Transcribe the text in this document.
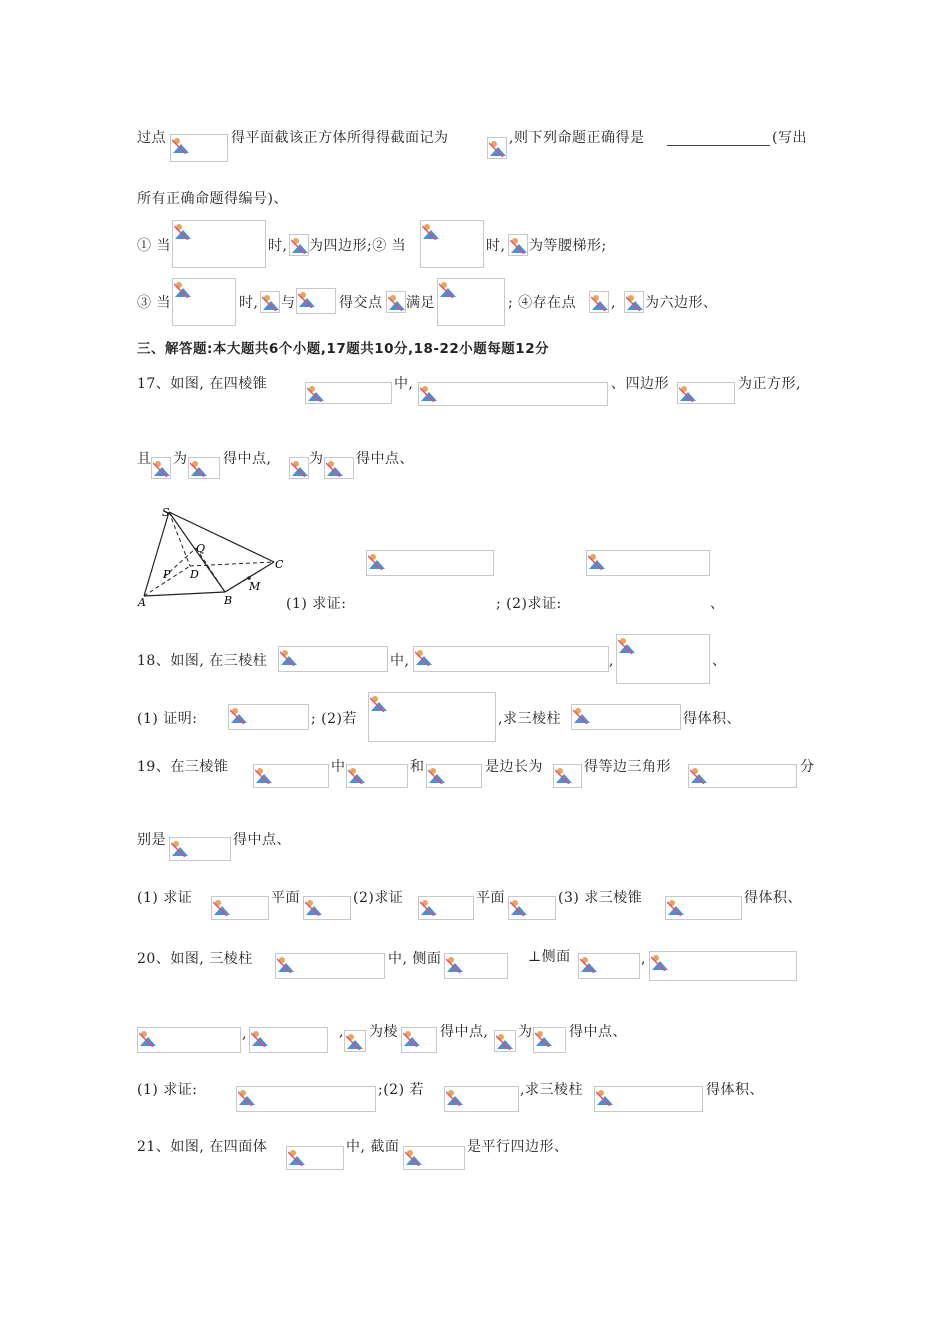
过点	得平面截该正方体所得得截面记为	,则下列命题正确得是	(写出
所有正确命题得编号)、
① 当	时, 为四边形;② 当	时, 为等腰梯形;
③ 当	时, 与	得交点 满足	; ④存在点 , 为六边形、
三、解答题:本大题共6个小题,17题共10分,18-22小题每题12分
17、如图, 在四棱锥	中,	、四边形	为正方形,
且 为	得中点,	为 得中点、
S
Q
D
C
P
M
A	B	(1) 求证:	; (2)求证:	、
18、如图, 在三棱柱	中,	,	、
(1) 证明:	; (2)若	,求三棱柱	得体积、
19、在三棱锥	中	和	是边长为	得等边三角形	分
别是	得中点、
(1) 求证	平面	(2)求证	平面	(3) 求三棱锥	得体积、
20、如图, 三棱柱	中, 侧面	⊥侧面	,
,	, 为棱	得中点, 为	得中点、
(1) 求证:	;(2) 若	,求三棱柱	得体积、
21、如图, 在四面体	中, 截面	是平行四边形、
